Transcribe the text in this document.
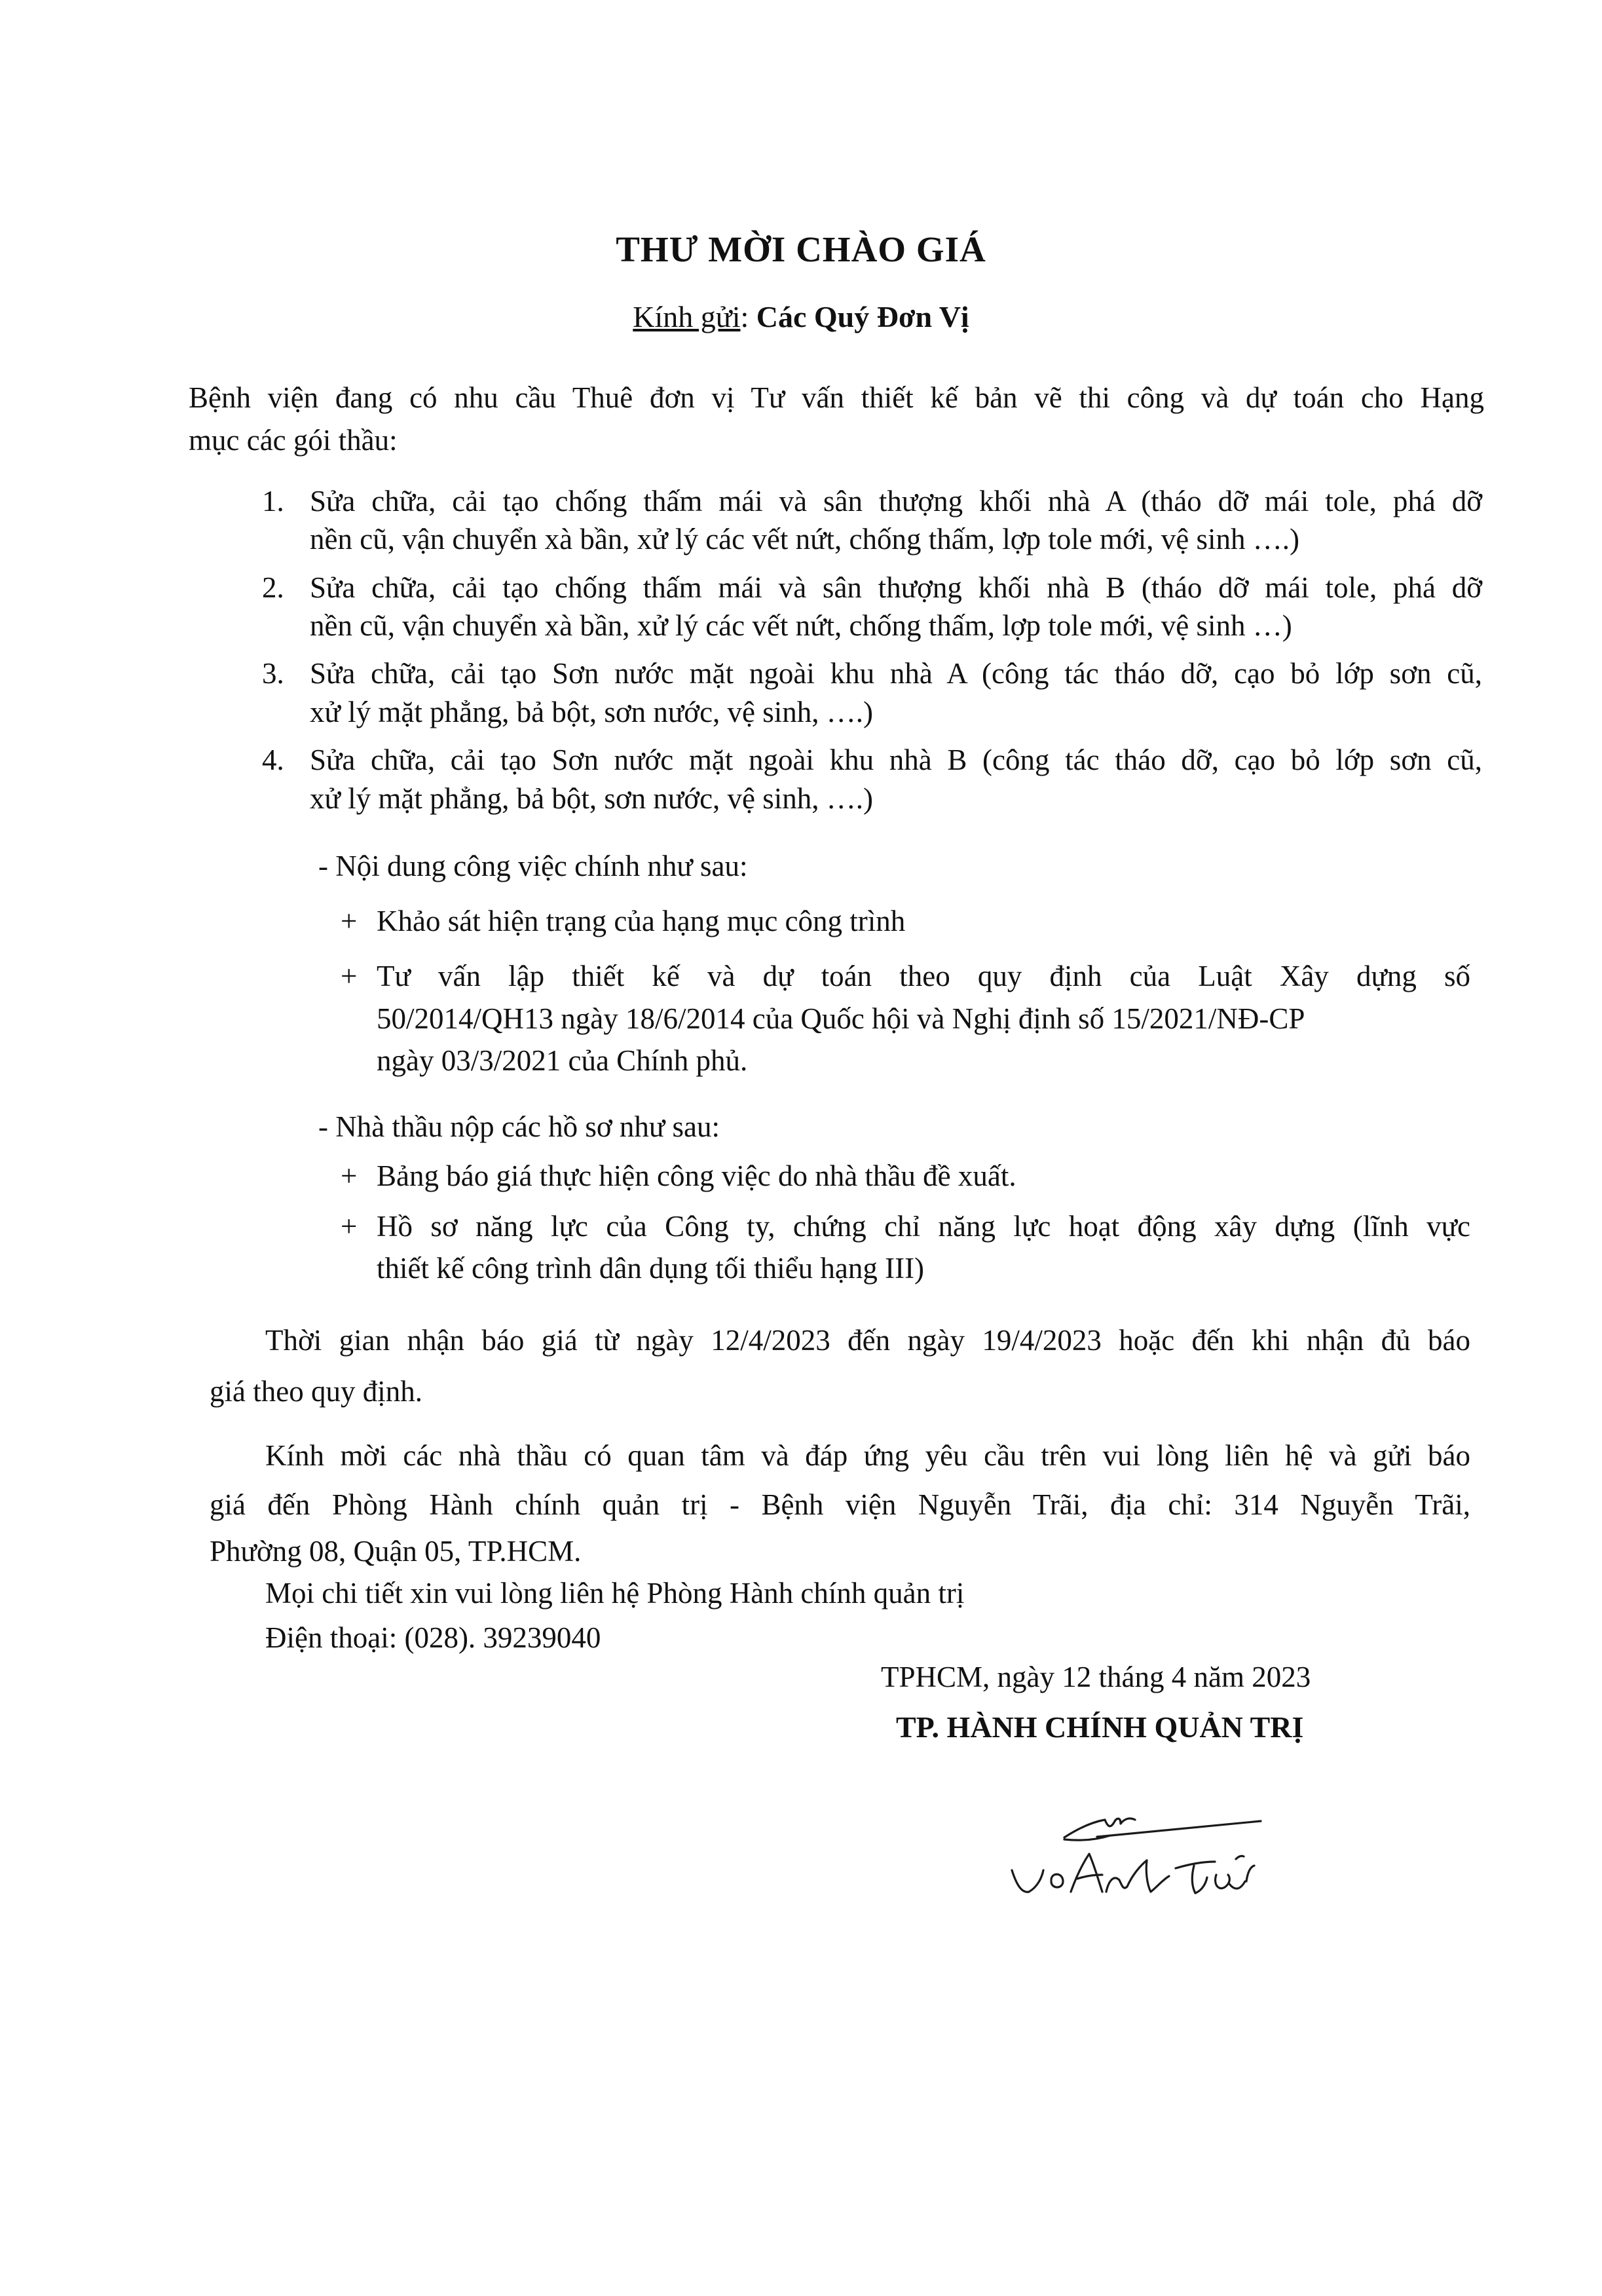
THƯ MỜI CHÀO GIÁ
Kính gửi: Các Quý Đơn Vị
Bệnh viện đang có nhu cầu Thuê đơn vị Tư vấn thiết kế bản vẽ thi công và dự toán cho Hạng
mục các gói thầu:
1. Sửa chữa, cải tạo chống thấm mái và sân thượng khối nhà A (tháo dỡ mái tole, phá dỡ
nền cũ, vận chuyển xà bần, xử lý các vết nứt, chống thấm, lợp tole mới, vệ sinh ….)
2. Sửa chữa, cải tạo chống thấm mái và sân thượng khối nhà B (tháo dỡ mái tole, phá dỡ
nền cũ, vận chuyển xà bần, xử lý các vết nứt, chống thấm, lợp tole mới, vệ sinh …)
3. Sửa chữa, cải tạo Sơn nước mặt ngoài khu nhà A (công tác tháo dỡ, cạo bỏ lớp sơn cũ,
xử lý mặt phẳng, bả bột, sơn nước, vệ sinh, ….)
4. Sửa chữa, cải tạo Sơn nước mặt ngoài khu nhà B (công tác tháo dỡ, cạo bỏ lớp sơn cũ,
xử lý mặt phẳng, bả bột, sơn nước, vệ sinh, ….)
- Nội dung công việc chính như sau:
+ Khảo sát hiện trạng của hạng mục công trình
+ Tư vấn lập thiết kế và dự toán theo quy định của Luật Xây dựng số
50/2014/QH13 ngày 18/6/2014 của Quốc hội và Nghị định số 15/2021/NĐ-CP
ngày 03/3/2021 của Chính phủ.
- Nhà thầu nộp các hồ sơ như sau:
+ Bảng báo giá thực hiện công việc do nhà thầu đề xuất.
+ Hồ sơ năng lực của Công ty, chứng chỉ năng lực hoạt động xây dựng (lĩnh vực
thiết kế công trình dân dụng tối thiểu hạng III)
Thời gian nhận báo giá từ ngày 12/4/2023 đến ngày 19/4/2023 hoặc đến khi nhận đủ báo
giá theo quy định.
Kính mời các nhà thầu có quan tâm và đáp ứng yêu cầu trên vui lòng liên hệ và gửi báo
giá đến Phòng Hành chính quản trị - Bệnh viện Nguyễn Trãi, địa chỉ: 314 Nguyễn Trãi,
Phường 08, Quận 05, TP.HCM.
Mọi chi tiết xin vui lòng liên hệ Phòng Hành chính quản trị
Điện thoại: (028). 39239040
TPHCM, ngày 12 tháng 4 năm 2023
TP. HÀNH CHÍNH QUẢN TRỊ
